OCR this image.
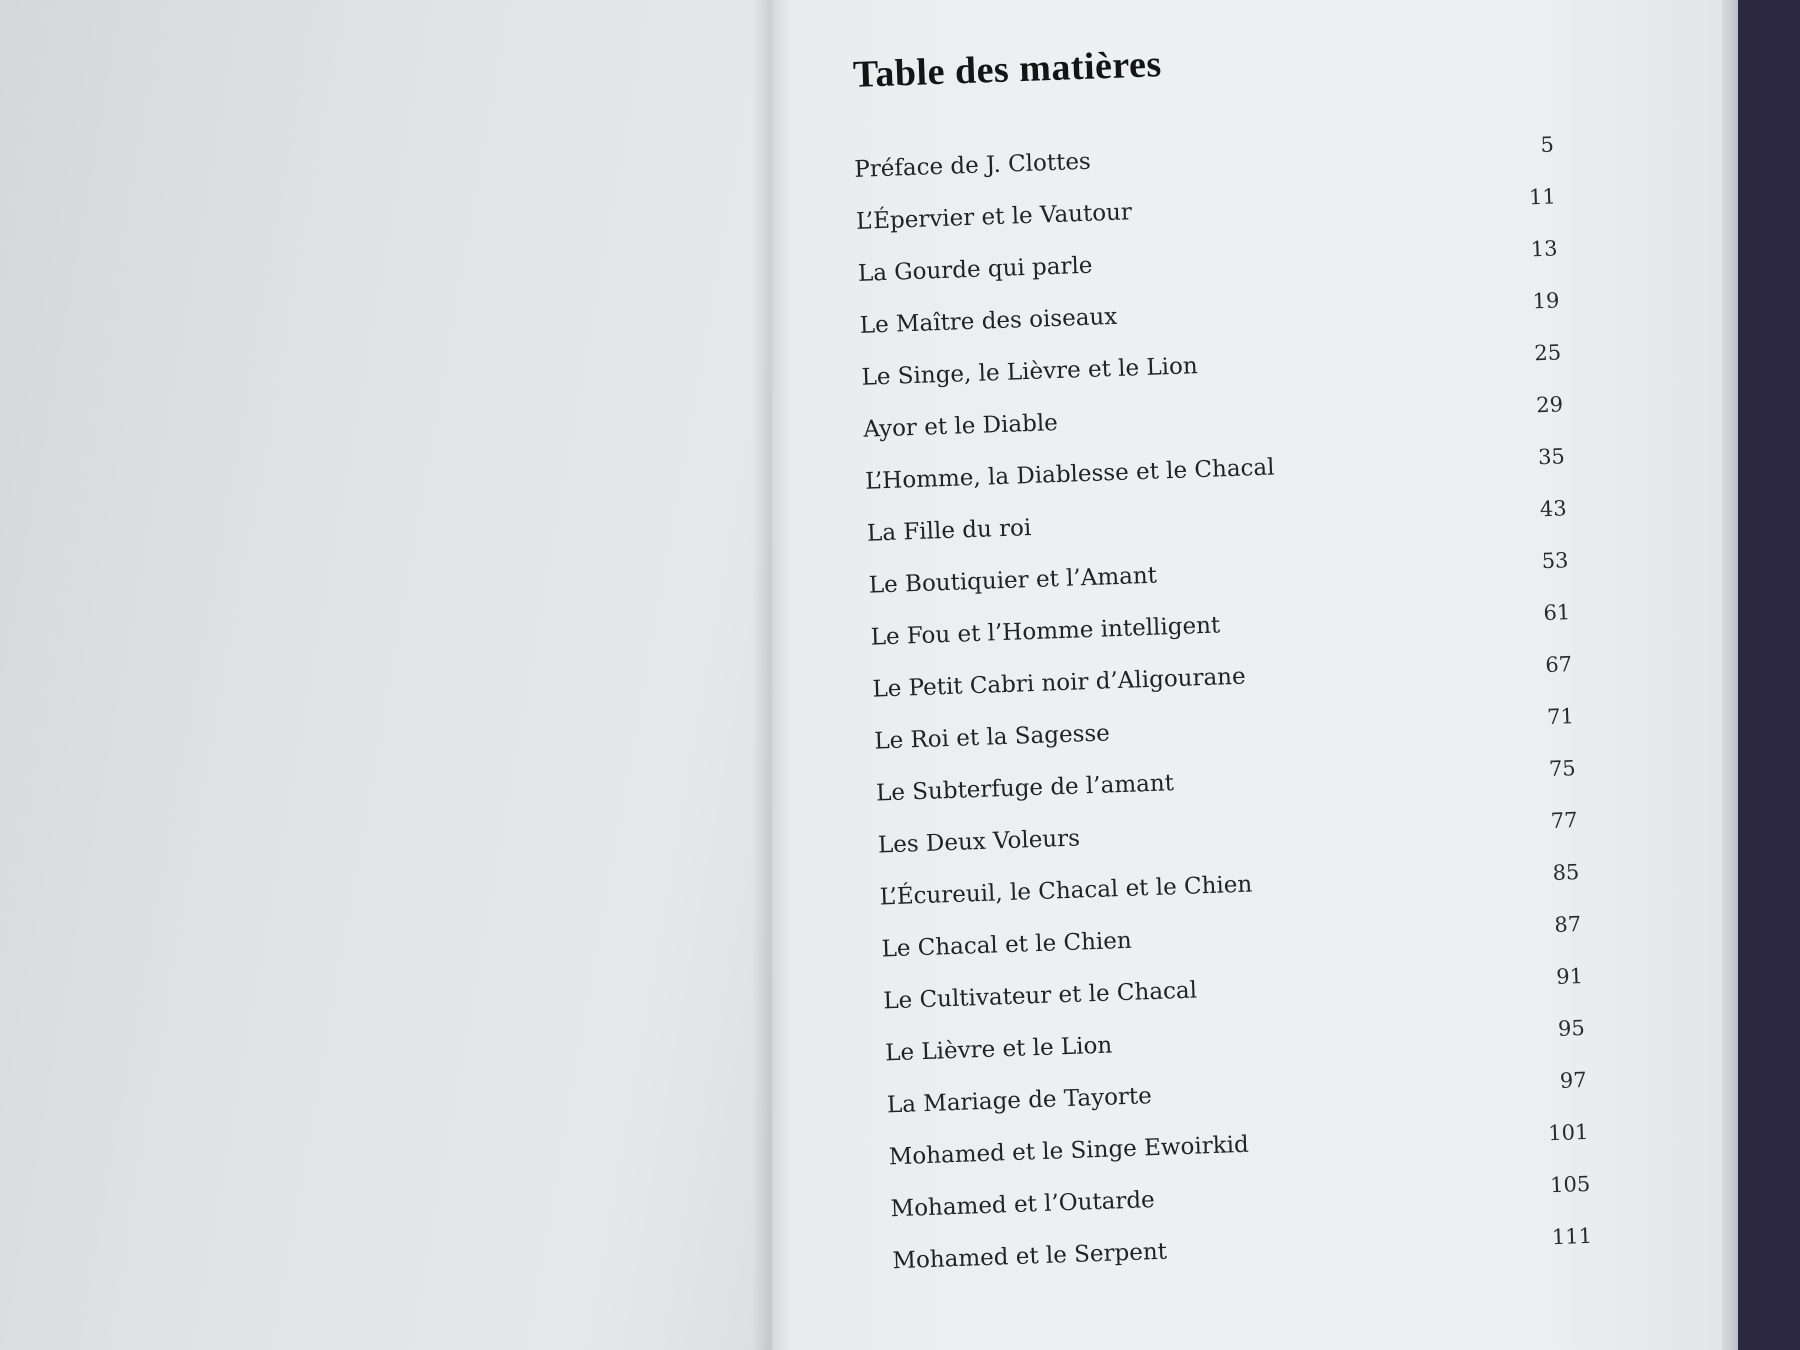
Table des matières
Préface de J. Clottes
5
L’Épervier et le Vautour
11
La Gourde qui parle
13
Le Maître des oiseaux
19
Le Singe, le Lièvre et le Lion
25
Ayor et le Diable
29
L’Homme, la Diablesse et le Chacal	35
La Fille du roi
43
Le Boutiquier et l’Amant
53
Le Fou et l’Homme intelligent	61
Le Petit Cabri noir d’Aligourane	67
Le Roi et la Sagesse
71
Le Subterfuge de l’amant
75
Les Deux Voleurs
77
L’Écureuil, le Chacal et le Chien	85
Le Chacal et le Chien
87
Le Cultivateur et le Chacal
91
Le Lièvre et le Lion
95
La Mariage de Tayorte
97
Mohamed et le Singe Ewoirkid	101
Mohamed et l’Outarde
105
Mohamed et le Serpent
111
